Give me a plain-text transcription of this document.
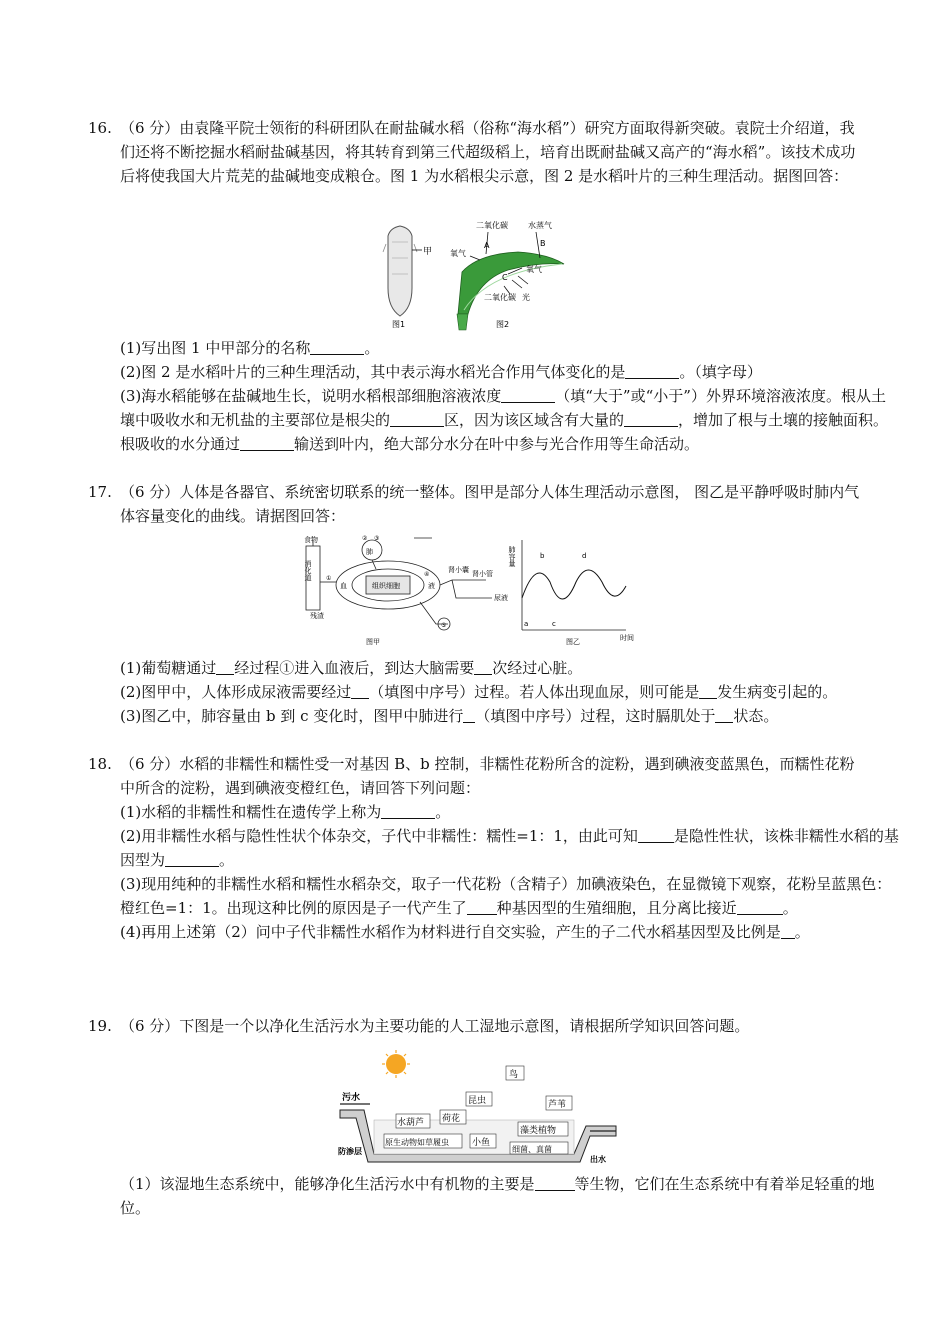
16. （6 分）由袁隆平院士领衔的科研团队在耐盐碱水稻（俗称“海水稻”）研究方面取得新突破。袁院士介绍道，我们还将不断挖掘水稻耐盐碱基因，将其转育到第三代超级稻上，培育出既耐盐碱又高产的“海水稻”。该技术成功后将使我国大片荒芜的盐碱地变成粮仓。图 1 为水稻根尖示意，图 2 是水稻叶片的三种生理活动。据图回答：
甲
图1
二氧化碳	水蒸气
A	B
氧气
C
氧气
二氧化碳 光
图2
(1)写出图 1 中甲部分的名称	。
(2)图 2 是水稻叶片的三种生理活动，其中表示海水稻光合作用气体变化的是	。（填字母）
(3)海水稻能够在盐碱地生长，说明水稻根部细胞溶液浓度	（填“大于”或“小于”）外界环境溶液浓度。根从土壤中吸收水和无机盐的主要部位是根尖的	区，因为该区域含有大量的	，增加了根与土壤的接触面积。根吸收的水分通过	输送到叶内，绝大部分水分在叶中参与光合作用等生命活动。
17. （6 分）人体是各器官、系统密切联系的统一整体。图甲是部分人体生理活动示意图， 图乙是平静呼吸时肺内气体容量变化的曲线。请据图回答：
食物
消化道
残渣
② ③
肺
①
血	组织细胞	液
④
⑤
肾小囊 肾小管
尿液
图甲
肺容量
a
b
c
d
时间
图乙
(1)葡萄糖通过 经过程①进入血液后，到达大脑需要 次经过心脏。
(2)图甲中，人体形成尿液需要经过 （填图中序号）过程。若人体出现血尿，则可能是 发生病变引起的。
(3)图乙中，肺容量由 b 到 c 变化时，图甲中肺进行 （填图中序号）过程，这时膈肌处于 状态。
18. （6 分）水稻的非糯性和糯性受一对基因 B、b 控制，非糯性花粉所含的淀粉，遇到碘液变蓝黑色，而糯性花粉中所含的淀粉，遇到碘液变橙红色，请回答下列问题：
(1)水稻的非糯性和糯性在遗传学上称为	。
(2)用非糯性水稻与隐性性状个体杂交，子代中非糯性：糯性=1：1，由此可知 是隐性性状，该株非糯性水稻的基因型为	。
(3)现用纯种的非糯性水稻和糯性水稻杂交，取子一代花粉（含精子）加碘液染色，在显微镜下观察，花粉呈蓝黑色：橙红色=1：1。出现这种比例的原因是子一代产生了 种基因型的生殖细胞，且分离比接近	。
(4)再用上述第（2）问中子代非糯性水稻作为材料进行自交实验，产生的子二代水稻基因型及比例是 。
19. （6 分）下图是一个以净化生活污水为主要功能的人工湿地示意图，请根据所学知识回答问题。
污水
鸟
昆虫	芦苇
水葫芦 荷花
原生动物如草履虫	小鱼
藻类植物
细菌、真菌
防渗层
出水
（1）该湿地生态系统中，能够净化生活污水中有机物的主要是	等生物，它们在生态系统中有着举足轻重的地位。
